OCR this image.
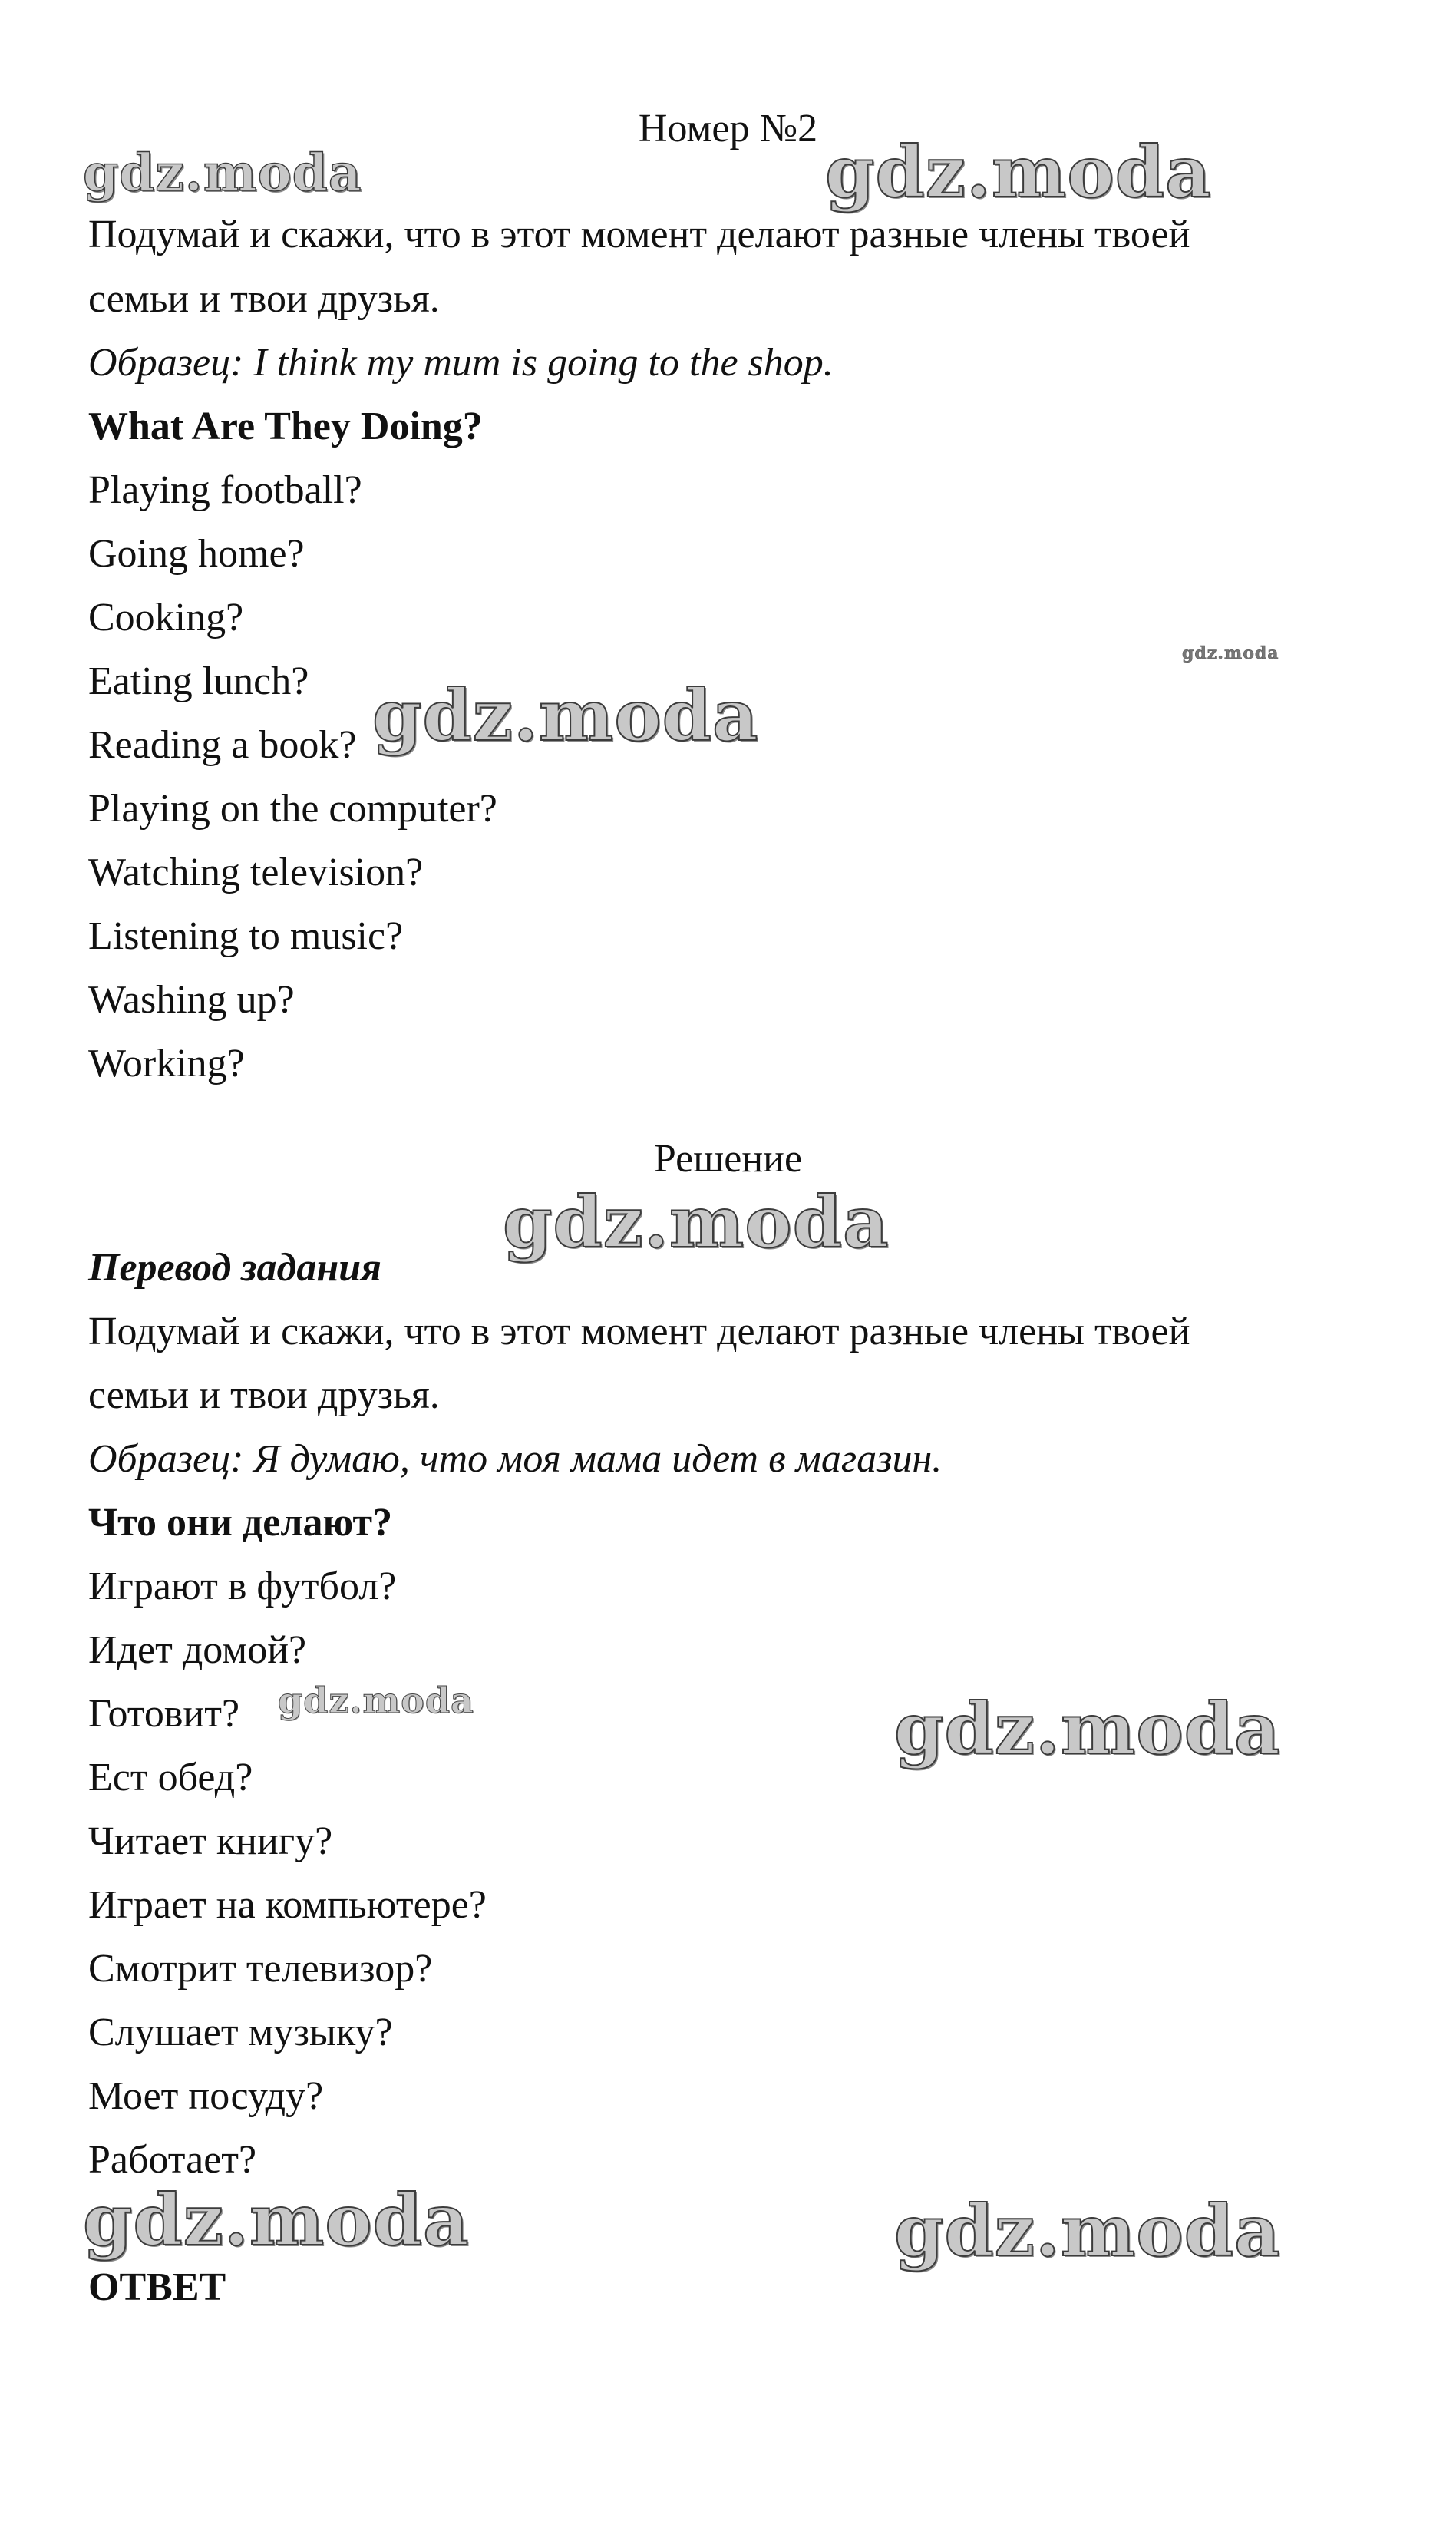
Номер №2
Подумай и скажи, что в этот момент делают разные члены твоей
семьи и твои друзья.
Образец: I think my mum is going to the shop.
What Are They Doing?
Playing football?
Going home?
Cooking?
Eating lunch?
Reading a book?
Playing on the computer?
Watching television?
Listening to music?
Washing up?
Working?
Решение
Перевод задания
Подумай и скажи, что в этот момент делают разные члены твоей
семьи и твои друзья.
Образец: Я думаю, что моя мама идет в магазин.
Что они делают?
Играют в футбол?
Идет домой?
Готовит?
Ест обед?
Читает книгу?
Играет на компьютере?
Смотрит телевизор?
Слушает музыку?
Моет посуду?
Работает?
ОТВЕТ
gdz.moda	gdz.moda
gdz.moda
gdz.moda
gdz.moda
gdz.moda	gdz.moda
gdz.moda	gdz.moda
